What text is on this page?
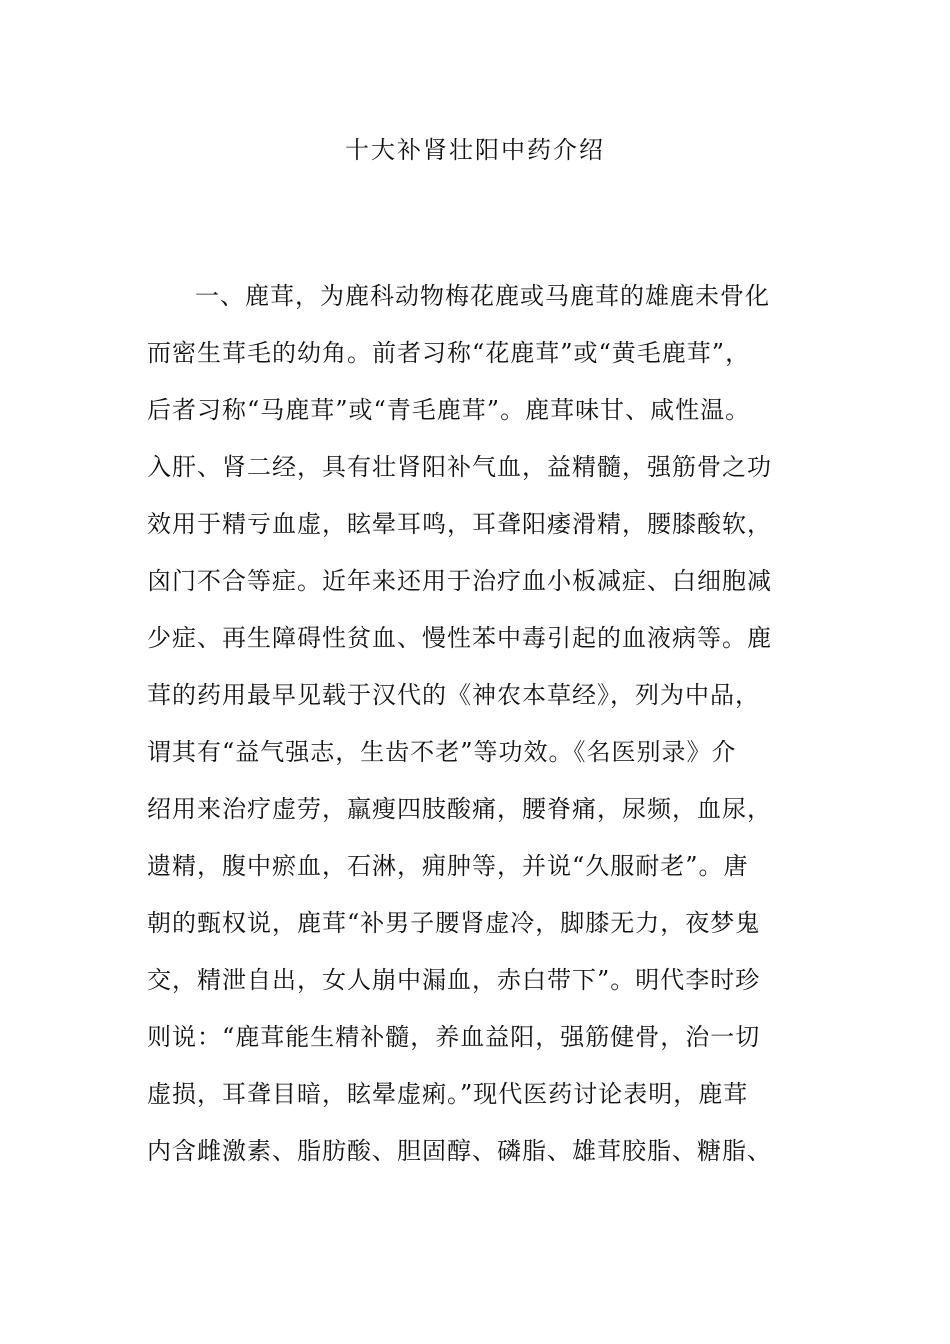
十大补肾壮阳中药介绍
一、鹿茸，为鹿科动物梅花鹿或马鹿茸的雄鹿未骨化
而密生茸毛的幼角。前者习称“花鹿茸”或“黄毛鹿茸”，
后者习称“马鹿茸”或“青毛鹿茸”。鹿茸味甘、咸性温。
入肝、肾二经，具有壮肾阳补气血，益精髓，强筋骨之功
效用于精亏血虚，眩晕耳鸣，耳聋阳痿滑精，腰膝酸软，
囟门不合等症。近年来还用于治疗血小板减症、白细胞减
少症、再生障碍性贫血、慢性苯中毒引起的血液病等。鹿
茸的药用最早见载于汉代的《神农本草经》，列为中品，
谓其有“益气强志，生齿不老”等功效。《名医别录》介
绍用来治疗虚劳，羸瘦四肢酸痛，腰脊痛，尿频，血尿，
遗精，腹中瘀血，石淋，痈肿等，并说“久服耐老”。唐
朝的甄权说，鹿茸“补男子腰肾虚冷，脚膝无力，夜梦鬼
交，精泄自出，女人崩中漏血，赤白带下”。明代李时珍
则说：“鹿茸能生精补髓，养血益阳，强筋健骨，治一切
虚损，耳聋目暗，眩晕虚痢。”现代医药讨论表明，鹿茸
内含雌激素、脂肪酸、胆固醇、磷脂、雄茸胶脂、糖脂、
